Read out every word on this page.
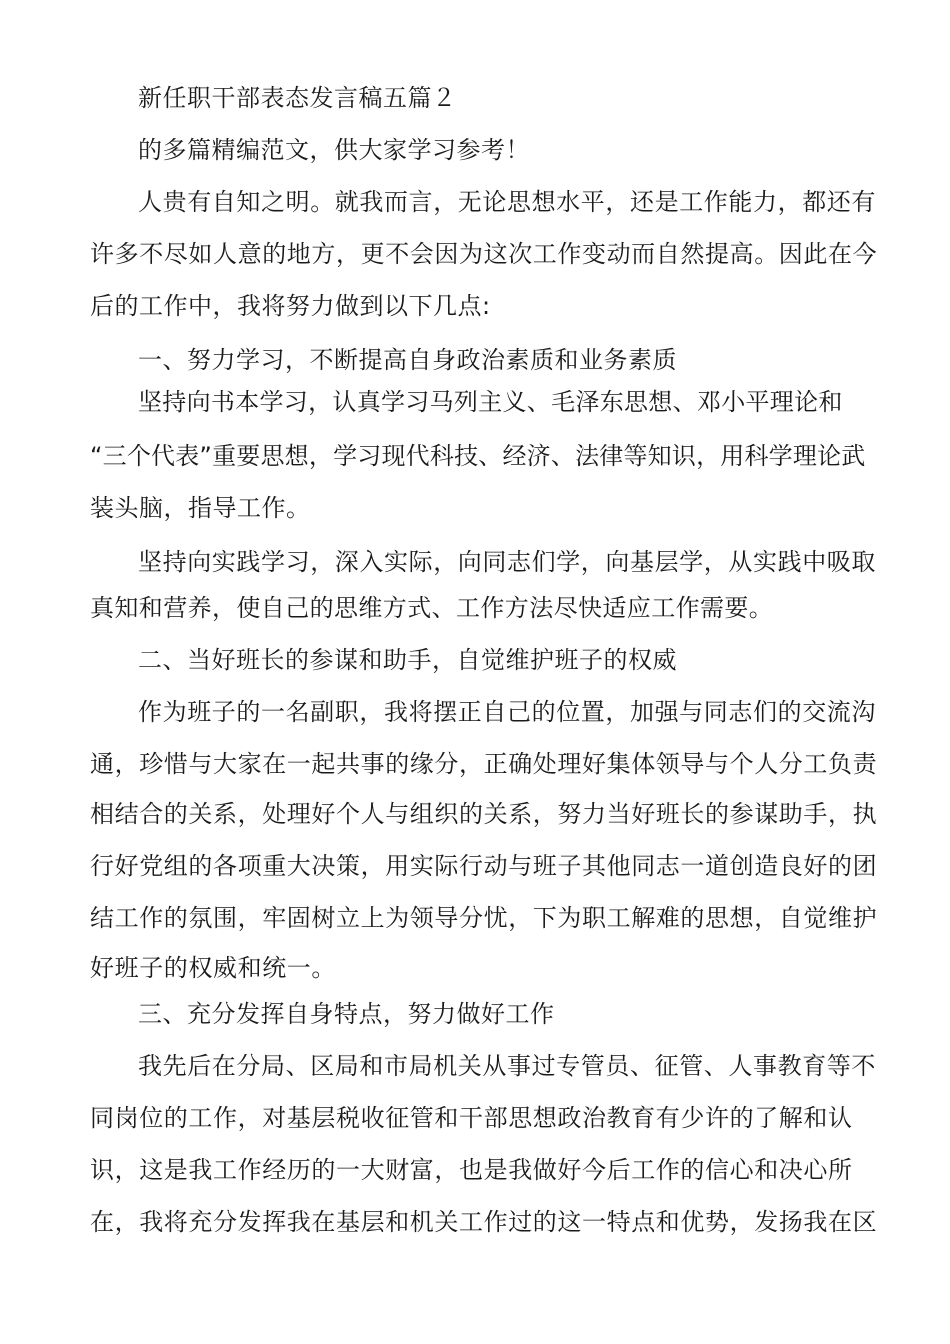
新任职干部表态发言稿五篇２
的多篇精编范文，供大家学习参考！
人贵有自知之明。就我而言，无论思想水平，还是工作能力，都还有
许多不尽如人意的地方，更不会因为这次工作变动而自然提高。因此在今
后的工作中，我将努力做到以下几点:
一、努力学习，不断提高自身政治素质和业务素质
坚持向书本学习，认真学习马列主义、毛泽东思想、邓小平理论和
“三个代表”重要思想，学习现代科技、经济、法律等知识，用科学理论武
装头脑，指导工作。
坚持向实践学习，深入实际，向同志们学，向基层学，从实践中吸取
真知和营养，使自己的思维方式、工作方法尽快适应工作需要。
二、当好班长的参谋和助手，自觉维护班子的权威
作为班子的一名副职，我将摆正自己的位置，加强与同志们的交流沟
通，珍惜与大家在一起共事的缘分，正确处理好集体领导与个人分工负责
相结合的关系，处理好个人与组织的关系，努力当好班长的参谋助手，执
行好党组的各项重大决策，用实际行动与班子其他同志一道创造良好的团
结工作的氛围，牢固树立上为领导分忧，下为职工解难的思想，自觉维护
好班子的权威和统一。
三、充分发挥自身特点，努力做好工作
我先后在分局、区局和市局机关从事过专管员、征管、人事教育等不
同岗位的工作，对基层税收征管和干部思想政治教育有少许的了解和认
识，这是我工作经历的一大财富，也是我做好今后工作的信心和决心所
在，我将充分发挥我在基层和机关工作过的这一特点和优势，发扬我在区
